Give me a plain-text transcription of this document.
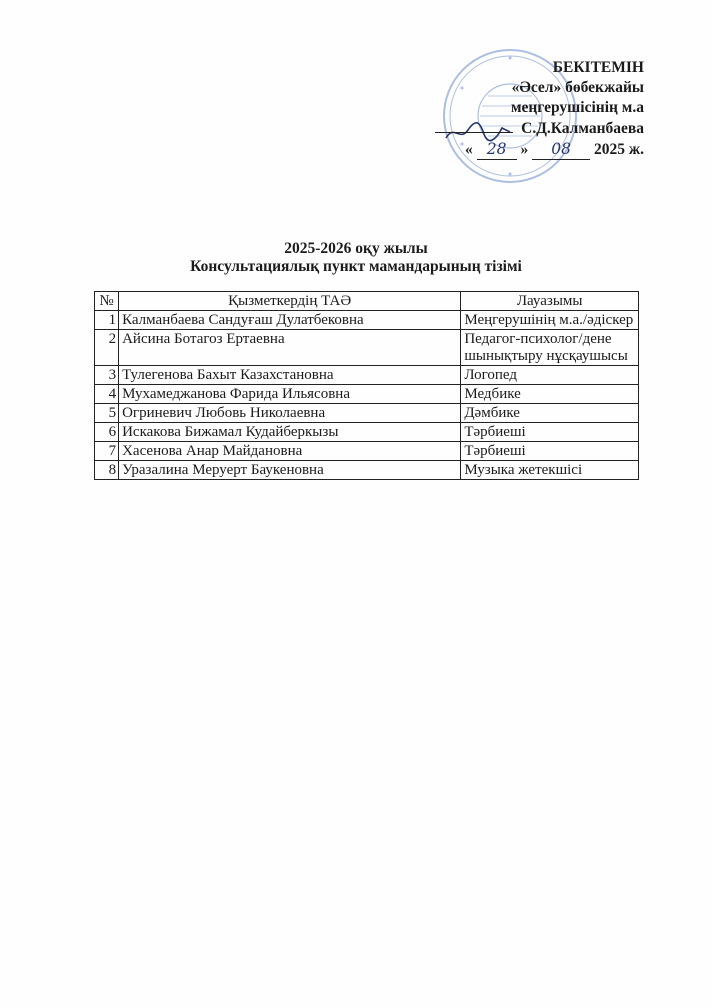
БЕКІТЕМІН
«Әсел» бөбекжайы
меңгерушісінің м.а
С.Д.Калманбаева
« 28 » 08 2025 ж.
2025-2026 оқу жылы
Консультациялық пункт мамандарының тізімі
№	Қызметкердің ТАӘ	Лауазымы
1	Калманбаева Сандуғаш Дулатбековна	Меңгерушінің м.а./әдіскер
2	Айсина Ботагоз Ертаевна	Педагог-психолог/дене шынықтыру нұсқаушысы
3	Тулегенова Бахыт Казахстановна	Логопед
4	Мухамеджанова Фарида Ильясовна	Медбике
5	Огриневич Любовь Николаевна	Дәмбике
6	Искакова Бижамал Кудайберкызы	Тәрбиеші
7	Хасенова Анар Майдановна	Тәрбиеші
8	Уразалина Меруерт Баукеновна	Музыка жетекшісі
